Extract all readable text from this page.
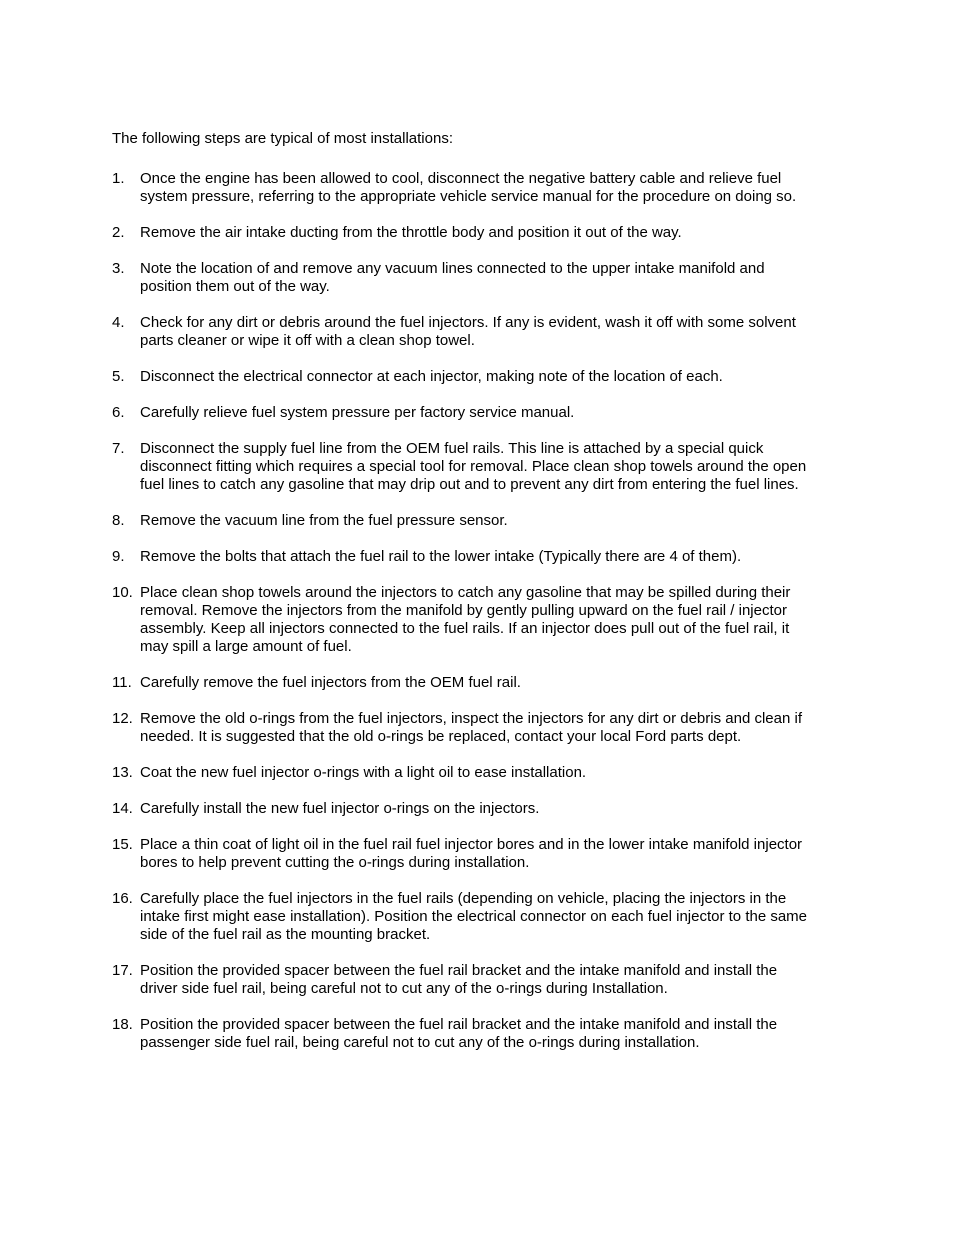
The following steps are typical of most installations:

1.	Once the engine has been allowed to cool, disconnect the negative battery cable and relieve fuel
system pressure, referring to the appropriate vehicle service manual for the procedure on doing so.
2.	Remove the air intake ducting from the throttle body and position it out of the way.
3.	Note the location of and remove any vacuum lines connected to the upper intake manifold and
position them out of the way.
4.	Check for any dirt or debris around the fuel injectors. If any is evident, wash it off with some solvent
parts cleaner or wipe it off with a clean shop towel.
5.	Disconnect the electrical connector at each injector, making note of the location of each.
6.	Carefully relieve fuel system pressure per factory service manual.
7.	Disconnect the supply fuel line from the OEM fuel rails. This line is attached by a special quick
disconnect fitting which requires a special tool for removal. Place clean shop towels around the open
fuel lines to catch any gasoline that may drip out and to prevent any dirt from entering the fuel lines.
8.	Remove the vacuum line from the fuel pressure sensor.
9.	Remove the bolts that attach the fuel rail to the lower intake (Typically there are 4 of them).
10. Place clean shop towels around the injectors to catch any gasoline that may be spilled during their
removal. Remove the injectors from the manifold by gently pulling upward on the fuel rail / injector
assembly. Keep all injectors connected to the fuel rails. If an injector does pull out of the fuel rail, it
may spill a large amount of fuel.
11. Carefully remove the fuel injectors from the OEM fuel rail.
12. Remove the old o-rings from the fuel injectors, inspect the injectors for any dirt or debris and clean if
needed. It is suggested that the old o-rings be replaced, contact your local Ford parts dept.
13. Coat the new fuel injector o-rings with a light oil to ease installation.
14. Carefully install the new fuel injector o-rings on the injectors.
15. Place a thin coat of light oil in the fuel rail fuel injector bores and in the lower intake manifold injector
bores to help prevent cutting the o-rings during installation.
16. Carefully place the fuel injectors in the fuel rails (depending on vehicle, placing the injectors in the
intake first might ease installation). Position the electrical connector on each fuel injector to the same
side of the fuel rail as the mounting bracket.
17. Position the provided spacer between the fuel rail bracket and the intake manifold and install the
driver side fuel rail, being careful not to cut any of the o-rings during Installation.
18. Position the provided spacer between the fuel rail bracket and the intake manifold and install the
passenger side fuel rail, being careful not to cut any of the o-rings during installation.
